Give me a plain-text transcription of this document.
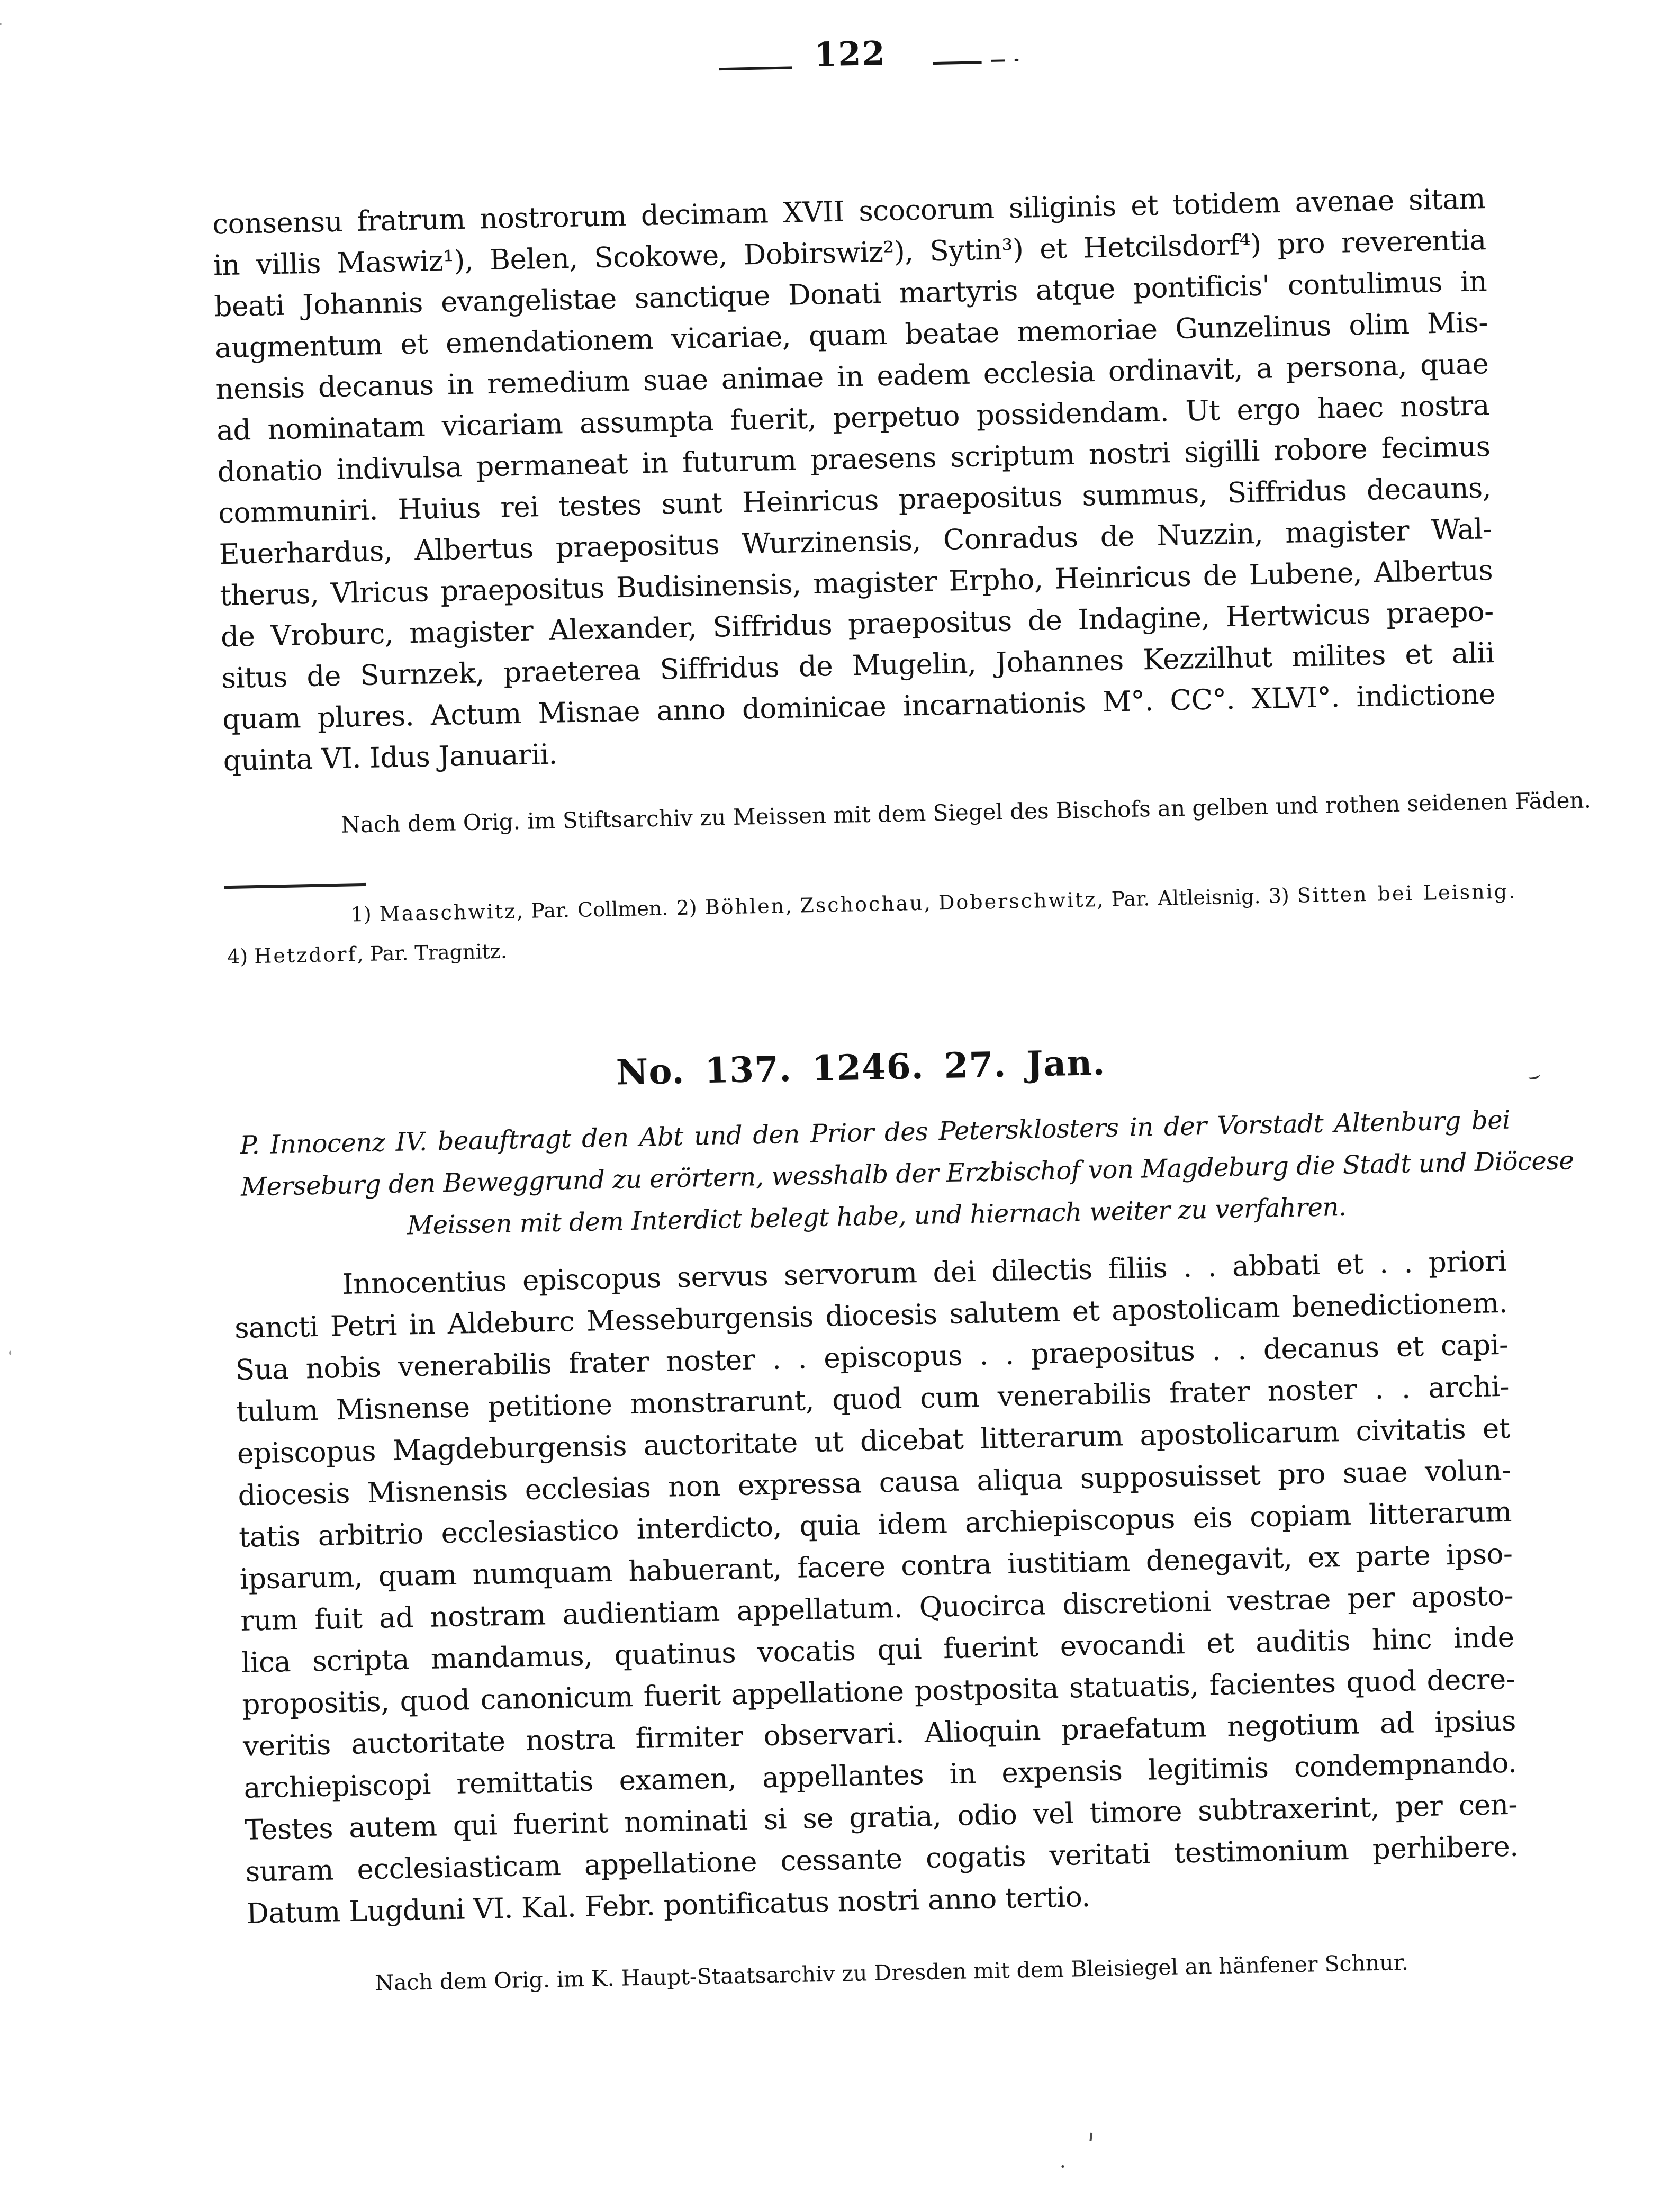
122
consensu fratrum nostrorum decimam XVII scocorum siliginis et totidem avenae sitam
in villis Maswiz¹), Belen, Scokowe, Dobirswiz²), Sytin³) et Hetcilsdorf⁴) pro reverentia
beati Johannis evangelistae sanctique Donati martyris atque pontificis' contulimus in
augmentum et emendationem vicariae, quam beatae memoriae Gunzelinus olim Mis-
nensis decanus in remedium suae animae in eadem ecclesia ordinavit, a persona, quae
ad nominatam vicariam assumpta fuerit, perpetuo possidendam. Ut ergo haec nostra
donatio indivulsa permaneat in futurum praesens scriptum nostri sigilli robore fecimus
communiri. Huius rei testes sunt Heinricus praepositus summus, Siffridus decauns,
Euerhardus, Albertus praepositus Wurzinensis, Conradus de Nuzzin, magister Wal-
therus, Vlricus praepositus Budisinensis, magister Erpho, Heinricus de Lubene, Albertus
de Vroburc, magister Alexander, Siffridus praepositus de Indagine, Hertwicus praepo-
situs de Surnzek, praeterea Siffridus de Mugelin, Johannes Kezzilhut milites et alii
quam plures. Actum Misnae anno dominicae incarnationis M°. CC°. XLVI°. indictione
quinta VI. Idus Januarii.
Nach dem Orig. im Stiftsarchiv zu Meissen mit dem Siegel des Bischofs an gelben und rothen seidenen Fäden.
1) Maaschwitz, Par. Collmen. 2) Böhlen, Zschochau, Doberschwitz, Par. Altleisnig. 3) Sitten bei Leisnig.
4) Hetzdorf, Par. Tragnitz.
No. 137. 1246. 27. Jan.
P. Innocenz IV. beauftragt den Abt und den Prior des Petersklosters in der Vorstadt Altenburg bei
Merseburg den Beweggrund zu erörtern, wesshalb der Erzbischof von Magdeburg die Stadt und Diöcese
Meissen mit dem Interdict belegt habe, und hiernach weiter zu verfahren.
Innocentius episcopus servus servorum dei dilectis filiis . . abbati et . . priori
sancti Petri in Aldeburc Messeburgensis diocesis salutem et apostolicam benedictionem.
Sua nobis venerabilis frater noster . . episcopus . . praepositus . . decanus et capi-
tulum Misnense petitione monstrarunt, quod cum venerabilis frater noster . . archi-
episcopus Magdeburgensis auctoritate ut dicebat litterarum apostolicarum civitatis et
diocesis Misnensis ecclesias non expressa causa aliqua supposuisset pro suae volun-
tatis arbitrio ecclesiastico interdicto, quia idem archiepiscopus eis copiam litterarum
ipsarum, quam numquam habuerant, facere contra iustitiam denegavit, ex parte ipso-
rum fuit ad nostram audientiam appellatum. Quocirca discretioni vestrae per aposto-
lica scripta mandamus, quatinus vocatis qui fuerint evocandi et auditis hinc inde
propositis, quod canonicum fuerit appellatione postposita statuatis, facientes quod decre-
veritis auctoritate nostra firmiter observari. Alioquin praefatum negotium ad ipsius
archiepiscopi remittatis examen, appellantes in expensis legitimis condempnando.
Testes autem qui fuerint nominati si se gratia, odio vel timore subtraxerint, per cen-
suram ecclesiasticam appellatione cessante cogatis veritati testimonium perhibere.
Datum Lugduni VI. Kal. Febr. pontificatus nostri anno tertio.
Nach dem Orig. im K. Haupt-Staatsarchiv zu Dresden mit dem Bleisiegel an hänfener Schnur.
